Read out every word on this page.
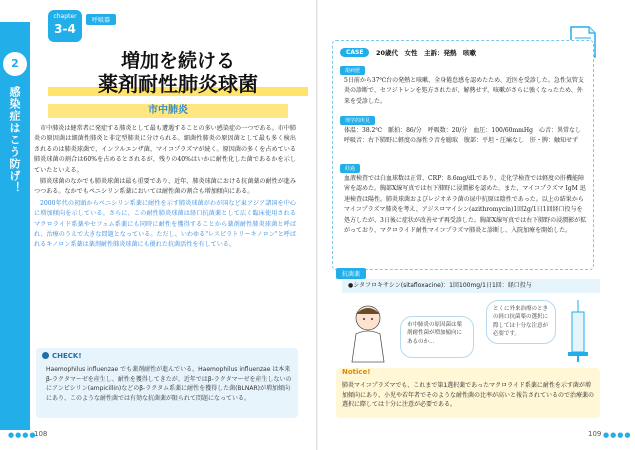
2
感染症はこう防げ！
chapter
3-4
呼吸器
増加を続ける

薬剤耐性肺炎球菌
市中肺炎

市中肺炎は健常者に発症する肺炎として最も遭遇することの多い感染症の一つである。市中肺炎の原因菌は細菌性肺炎と非定型肺炎に分けられる。細菌性肺炎の原因菌として最も多く検出されるのは肺炎球菌で、インフルエンザ菌、マイコプラズマが続く。原因菌の多くを占めている肺炎球菌の割合は60%を占めるとされるが、残りの40%はいかに耐性化した菌であるかを示していたといえる。

肺炎球菌のなかでも肺炎球菌は最も重要であり、近年、肺炎球菌における抗菌薬の耐性が進みつつある。なかでもペニシリン系薬においては耐性菌の割合も増加傾向にある。

2000年代の初頭からペニシリン系薬に耐性を示す肺炎球菌がわが国など東アジア諸国を中心に増加傾向を示している。さらに、この耐性肺炎球菌は経口抗菌薬として広く臨床使用されるマクロライド系薬やセフェム系薬にも同時に耐性を獲得することから薬剤耐性肺炎球菌と呼ばれ、治療のうえで大きな問題となっている。ただし、いわゆる"レスピラトリーキノロン"と呼ばれるキノロン系薬は薬剤耐性肺炎球菌にも優れた抗菌活性を有している。

CHECK!
Haemophilus influenzae でも薬剤耐性が進んでいる。Haemophilus influenzae は本来β-ラクタマーゼを産生し、耐性を獲得してきたが、近年ではβ-ラクタマーゼを産生しないのにアンピシリン(ampicillin)などのβ-ラクタム系薬に耐性を獲得した菌(BLNAR)が増加傾向にあり、このような耐性菌では有効な抗菌薬が限られて問題になっている。
●●●●
108
CASE	20歳代　女性　主訴：発熱　咳嗽
現病歴
5日前から37℃台の発熱と咳嗽、全身倦怠感を認めたため、近医を受診した。急性気管支炎の診断で、セフジトレンを処方されたが、解熱せず、咳嗽がさらに強くなったため、外来を受診した。
理学的所見
体温：38.2℃　脈拍：86/分　呼吸数：20/分　血圧：100/60mmHg　心音：異常なし　呼吸音：右下肺野に軽度の湿性ラ音を聴取　腹部：平坦・圧痛なし　肝・脾：触知せず
経過
血液検査では白血球数は正常、CRP：8.6mg/dLであり、走化学検査では軽度の肝機能障害を認めた。胸部X線写真では右下肺野に浸潤影を認めた。また、マイコプラズマ IgM 迅速検査は陽性。肺炎球菌およびレジオネラ菌の尿中抗原は陰性であった。以上の結果からマイコプラズマ肺炎を考え、アジスロマイシン(azithromycin)1回2g/1日1回経口投与を処方したが、3日後に症状が改善せず再受診した。胸部X線写真では右下肺野の浸潤影が拡がっており、マクロライド耐性マイコプラズマ肺炎と診断し、入院加療を開始した。
抗菌薬
●シタフロキサシン(sitafloxacine)：1回100mg/1日1回：経口投与
市中肺炎の原因菌は薬剤耐性菌が増加傾向にあるのか…
とくに外来治療のときの経口抗菌薬の選択に際しては十分な注意が必要です。
Notice!
肺炎マイコプラズマでも、これまで第1選択薬であったマクロライド系薬に耐性を示す菌が増加傾向にあり、小児や若年者でそのような耐性菌の比率が高いと報告されているので治療薬の選択に際しては十分に注意が必要である。
109 ●●●●
